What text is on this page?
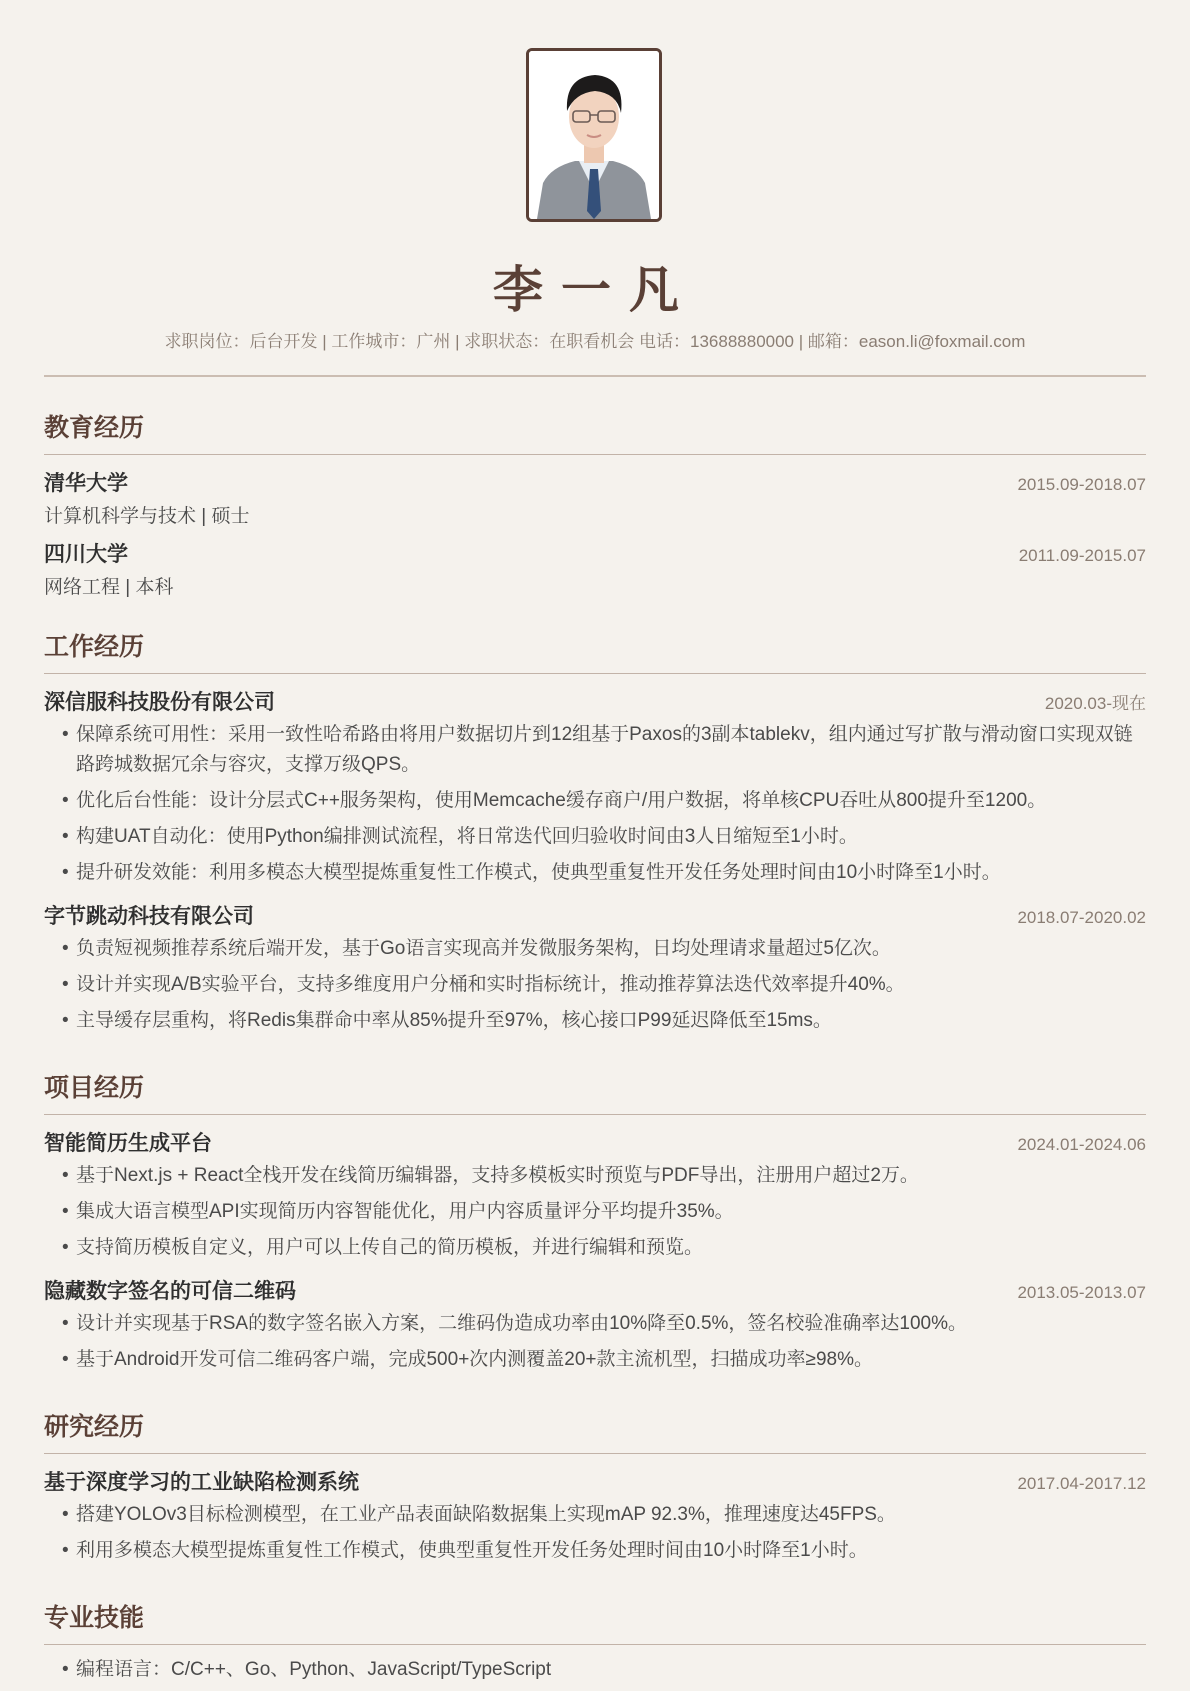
李一凡
求职岗位：后台开发 | 工作城市：广州 | 求职状态：在职看机会 电话：13688880000 | 邮箱：eason.li@foxmail.com
教育经历
清华大学	2015.09-2018.07
计算机科学与技术 | 硕士
四川大学	2011.09-2015.07
网络工程 | 本科
工作经历
深信服科技股份有限公司	2020.03-现在
• 保障系统可用性：采用一致性哈希路由将用户数据切片到12组基于Paxos的3副本tablekv，组内通过写扩散与滑动窗口实现双链路跨城数据冗余与容灾，支撑万级QPS。
• 优化后台性能：设计分层式C++服务架构，使用Memcache缓存商户/用户数据，将单核CPU吞吐从800提升至1200。
• 构建UAT自动化：使用Python编排测试流程，将日常迭代回归验收时间由3人日缩短至1小时。
• 提升研发效能：利用多模态大模型提炼重复性工作模式，使典型重复性开发任务处理时间由10小时降至1小时。
字节跳动科技有限公司	2018.07-2020.02
• 负责短视频推荐系统后端开发，基于Go语言实现高并发微服务架构，日均处理请求量超过5亿次。
• 设计并实现A/B实验平台，支持多维度用户分桶和实时指标统计，推动推荐算法迭代效率提升40%。
• 主导缓存层重构，将Redis集群命中率从85%提升至97%，核心接口P99延迟降低至15ms。
项目经历
智能简历生成平台	2024.01-2024.06
• 基于Next.js + React全栈开发在线简历编辑器，支持多模板实时预览与PDF导出，注册用户超过2万。
• 集成大语言模型API实现简历内容智能优化，用户内容质量评分平均提升35%。
• 支持简历模板自定义，用户可以上传自己的简历模板，并进行编辑和预览。
隐藏数字签名的可信二维码	2013.05-2013.07
• 设计并实现基于RSA的数字签名嵌入方案，二维码伪造成功率由10%降至0.5%，签名校验准确率达100%。
• 基于Android开发可信二维码客户端，完成500+次内测覆盖20+款主流机型，扫描成功率≥98%。
研究经历
基于深度学习的工业缺陷检测系统	2017.04-2017.12
• 搭建YOLOv3目标检测模型，在工业产品表面缺陷数据集上实现mAP 92.3%，推理速度达45FPS。
• 利用多模态大模型提炼重复性工作模式，使典型重复性开发任务处理时间由10小时降至1小时。
专业技能
• 编程语言：C/C++、Go、Python、JavaScript/TypeScript
